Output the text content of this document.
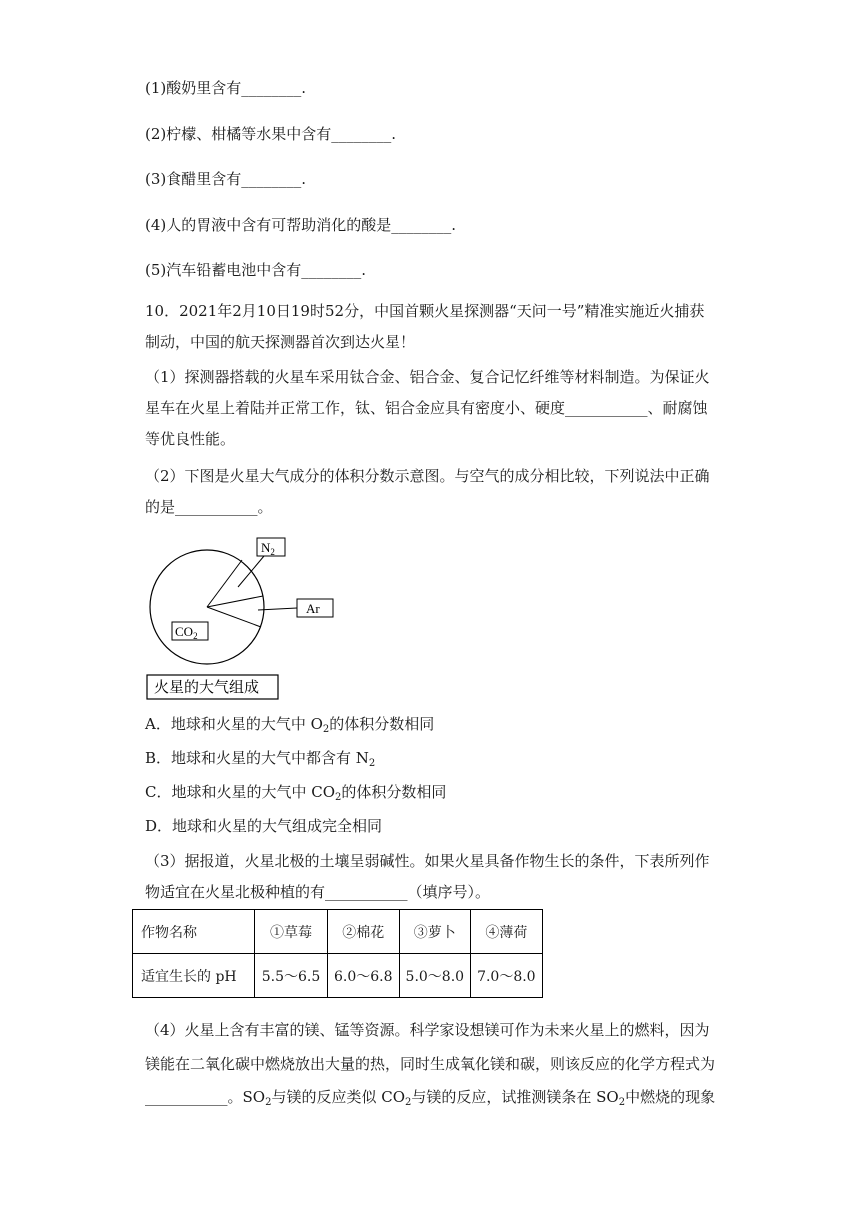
(1)酸奶里含有________.
(2)柠檬、柑橘等水果中含有________.
(3)食醋里含有________.
(4)人的胃液中含有可帮助消化的酸是________.
(5)汽车铅蓄电池中含有________.
10．2021年2月10日19时52分，中国首颗火星探测器“天问一号”精准实施近火捕获制动，中国的航天探测器首次到达火星！
（1）探测器搭载的火星车采用钛合金、铝合金、复合记忆纤维等材料制造。为保证火星车在火星上着陆并正常工作，钛、铝合金应具有密度小、硬度___________、耐腐蚀等优良性能。
（2）下图是火星大气成分的体积分数示意图。与空气的成分相比较，下列说法中正确的是___________。
$N_2$
Ar
$CO_2$
火星的大气组成
A．地球和火星的大气中 $O_2$的体积分数相同
B．地球和火星的大气中都含有 $N_2$
C．地球和火星的大气中 $CO_2$的体积分数相同
D．地球和火星的大气组成完全相同
（3）据报道，火星北极的土壤呈弱碱性。如果火星具备作物生长的条件，下表所列作物适宜在火星北极种植的有___________（填序号）。
作物名称	①草莓	②棉花	③萝卜	④薄荷
适宜生长的 pH	5.5～6.5	6.0～6.8	5.0～8.0	7.0～8.0
（4）火星上含有丰富的镁、锰等资源。科学家设想镁可作为未来火星上的燃料，因为
镁能在二氧化碳中燃烧放出大量的热，同时生成氧化镁和碳，则该反应的化学方程式为
___________。$SO_2$与镁的反应类似 $CO_2$与镁的反应，试推测镁条在 $SO_2$中燃烧的现象
